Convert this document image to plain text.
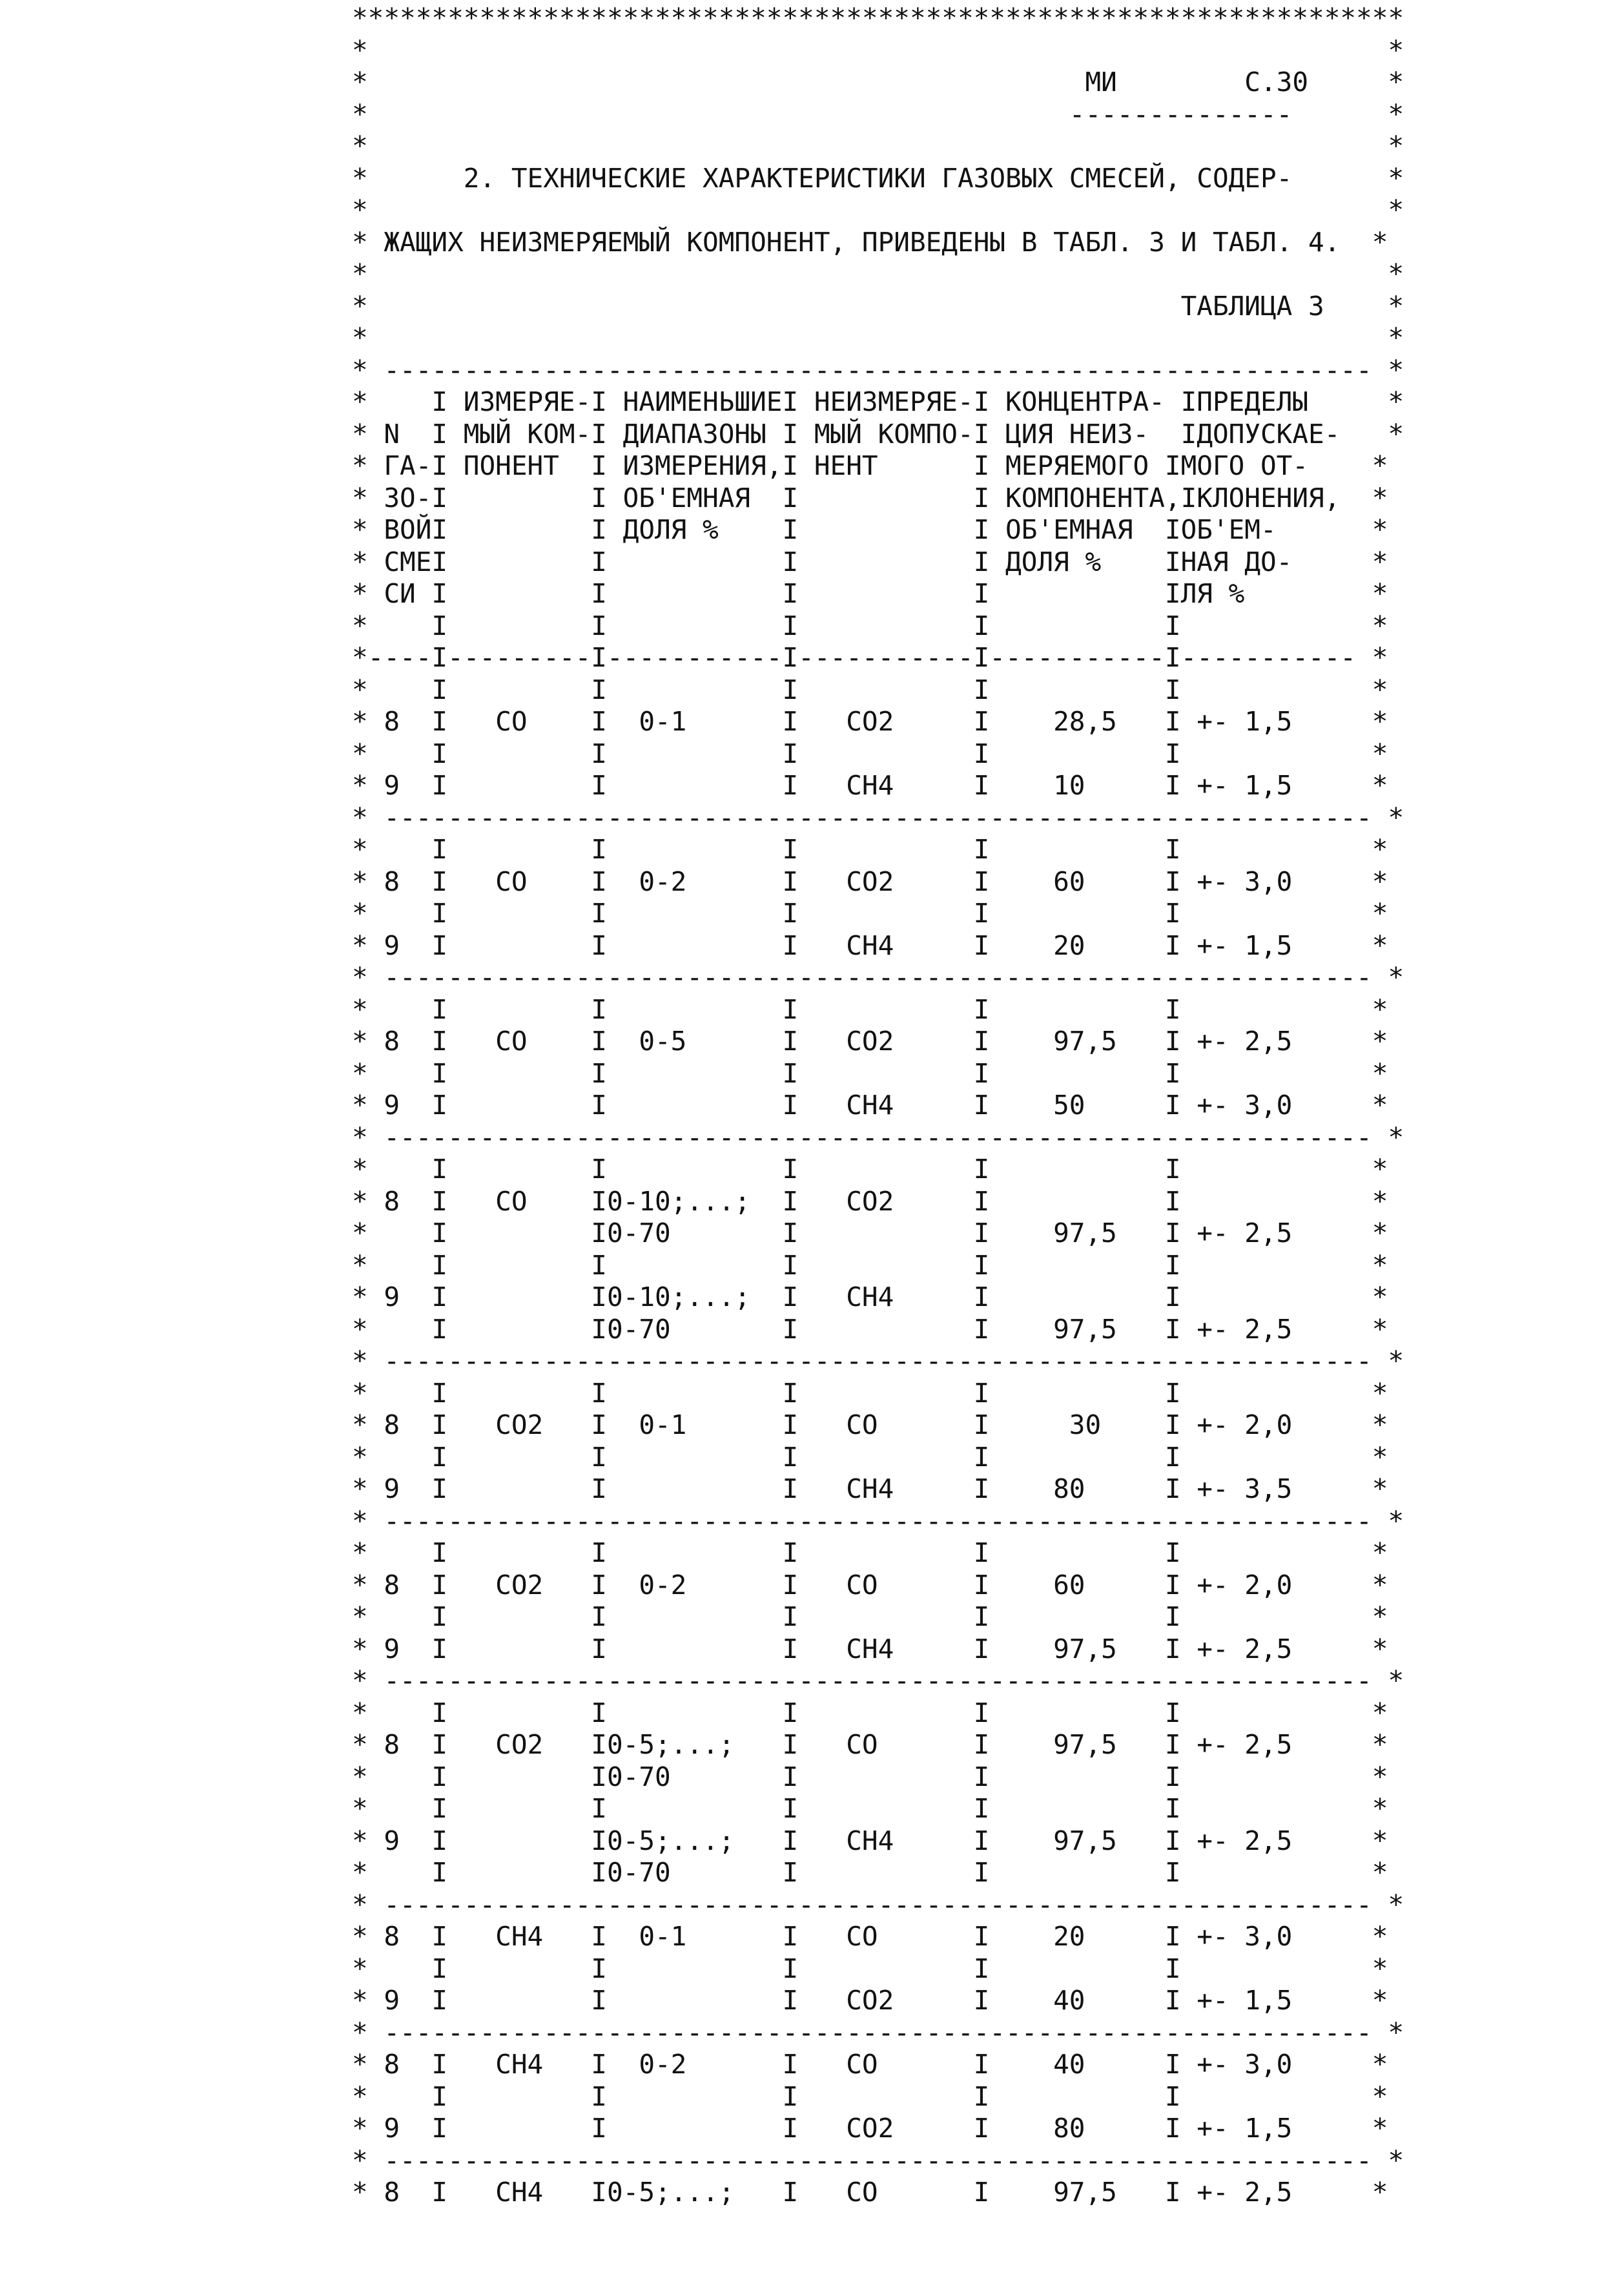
******************************************************************
*                                                                *
*                                             МИ        С.30     *
*                                            --------------      *
*                                                                *
*      2. ТЕХНИЧЕСКИЕ ХАРАКТЕРИСТИКИ ГАЗОВЫХ СМЕСЕЙ, СОДЕР-      *
*                                                                *
* ЖАЩИХ НЕИЗМЕРЯЕМЫЙ КОМПОНЕНТ, ПРИВЕДЕНЫ В ТАБЛ. 3 И ТАБЛ. 4.  *
*                                                                *
*                                                   ТАБЛИЦА 3    *
*                                                                *
* -------------------------------------------------------------- *
*    I ИЗМЕРЯЕ-I НАИМЕНЬШИЕI НЕИЗМЕРЯЕ-I КОНЦЕНТРА- IПРЕДЕЛЫ     *
* N  I МЫЙ КОМ-I ДИАПАЗОНЫ I МЫЙ КОМПО-I ЦИЯ НЕИЗ-  IДОПУСКАЕ-   *
* ГА-I ПОНЕНТ  I ИЗМЕРЕНИЯ,I НЕНТ      I МЕРЯЕМОГО IМОГО ОТ-    *
* ЗО-I         I ОБ'ЕМНАЯ  I           I КОМПОНЕНТА,IКЛОНЕНИЯ,  *
* ВОЙI         I ДОЛЯ %    I           I ОБ'ЕМНАЯ  IОБ'ЕМ-      *
* СМЕI         I           I           I ДОЛЯ %    IНАЯ ДО-     *
* СИ I         I           I           I           IЛЯ %        *
*    I         I           I           I           I            *
*----I---------I-----------I-----------I-----------I----------- *
*    I         I           I           I           I            *
* 8  I   CO    I  0-1      I   CO2     I    28,5   I +- 1,5     *
*    I         I           I           I           I            *
* 9  I         I           I   CH4     I    10     I +- 1,5     *
* -------------------------------------------------------------- *
*    I         I           I           I           I            *
* 8  I   CO    I  0-2      I   CO2     I    60     I +- 3,0     *
*    I         I           I           I           I            *
* 9  I         I           I   CH4     I    20     I +- 1,5     *
* -------------------------------------------------------------- *
*    I         I           I           I           I            *
* 8  I   CO    I  0-5      I   CO2     I    97,5   I +- 2,5     *
*    I         I           I           I           I            *
* 9  I         I           I   CH4     I    50     I +- 3,0     *
* -------------------------------------------------------------- *
*    I         I           I           I           I            *
* 8  I   CO    I0-10;...;  I   CO2     I           I            *
*    I         I0-70       I           I    97,5   I +- 2,5     *
*    I         I           I           I           I            *
* 9  I         I0-10;...;  I   CH4     I           I            *
*    I         I0-70       I           I    97,5   I +- 2,5     *
* -------------------------------------------------------------- *
*    I         I           I           I           I            *
* 8  I   CO2   I  0-1      I   CO      I     30    I +- 2,0     *
*    I         I           I           I           I            *
* 9  I         I           I   CH4     I    80     I +- 3,5     *
* -------------------------------------------------------------- *
*    I         I           I           I           I            *
* 8  I   CO2   I  0-2      I   CO      I    60     I +- 2,0     *
*    I         I           I           I           I            *
* 9  I         I           I   CH4     I    97,5   I +- 2,5     *
* -------------------------------------------------------------- *
*    I         I           I           I           I            *
* 8  I   CO2   I0-5;...;   I   CO      I    97,5   I +- 2,5     *
*    I         I0-70       I           I           I            *
*    I         I           I           I           I            *
* 9  I         I0-5;...;   I   CH4     I    97,5   I +- 2,5     *
*    I         I0-70       I           I           I            *
* -------------------------------------------------------------- *
* 8  I   CH4   I  0-1      I   CO      I    20     I +- 3,0     *
*    I         I           I           I           I            *
* 9  I         I           I   CO2     I    40     I +- 1,5     *
* -------------------------------------------------------------- *
* 8  I   CH4   I  0-2      I   CO      I    40     I +- 3,0     *
*    I         I           I           I           I            *
* 9  I         I           I   CO2     I    80     I +- 1,5     *
* -------------------------------------------------------------- *
* 8  I   CH4   I0-5;...;   I   CO      I    97,5   I +- 2,5     *
